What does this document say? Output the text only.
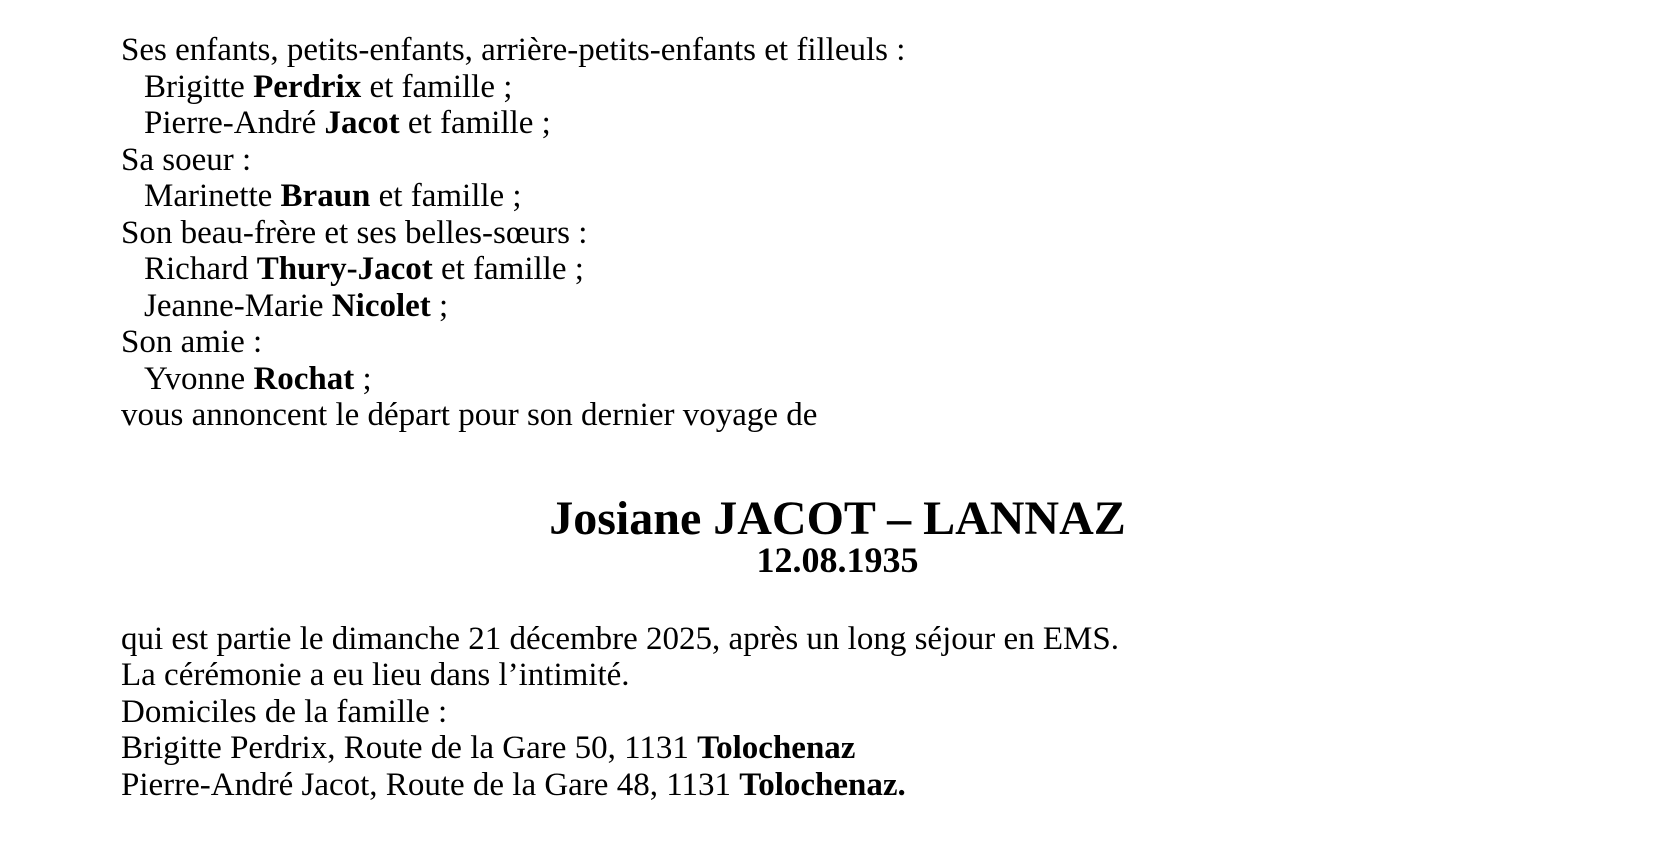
Ses enfants, petits-enfants, arrière-petits-enfants et filleuls :
Brigitte Perdrix et famille ;
Pierre-André Jacot et famille ;
Sa soeur :
Marinette Braun et famille ;
Son beau-frère et ses belles-sœurs :
Richard Thury-Jacot et famille ;
Jeanne-Marie Nicolet ;
Son amie :
Yvonne Rochat ;
vous annoncent le départ pour son dernier voyage de
Josiane JACOT – LANNAZ
12.08.1935
qui est partie le dimanche 21 décembre 2025, après un long séjour en EMS.
La cérémonie a eu lieu dans l’intimité.
Domiciles de la famille :
Brigitte Perdrix, Route de la Gare 50, 1131 Tolochenaz
Pierre-André Jacot, Route de la Gare 48, 1131 Tolochenaz.
